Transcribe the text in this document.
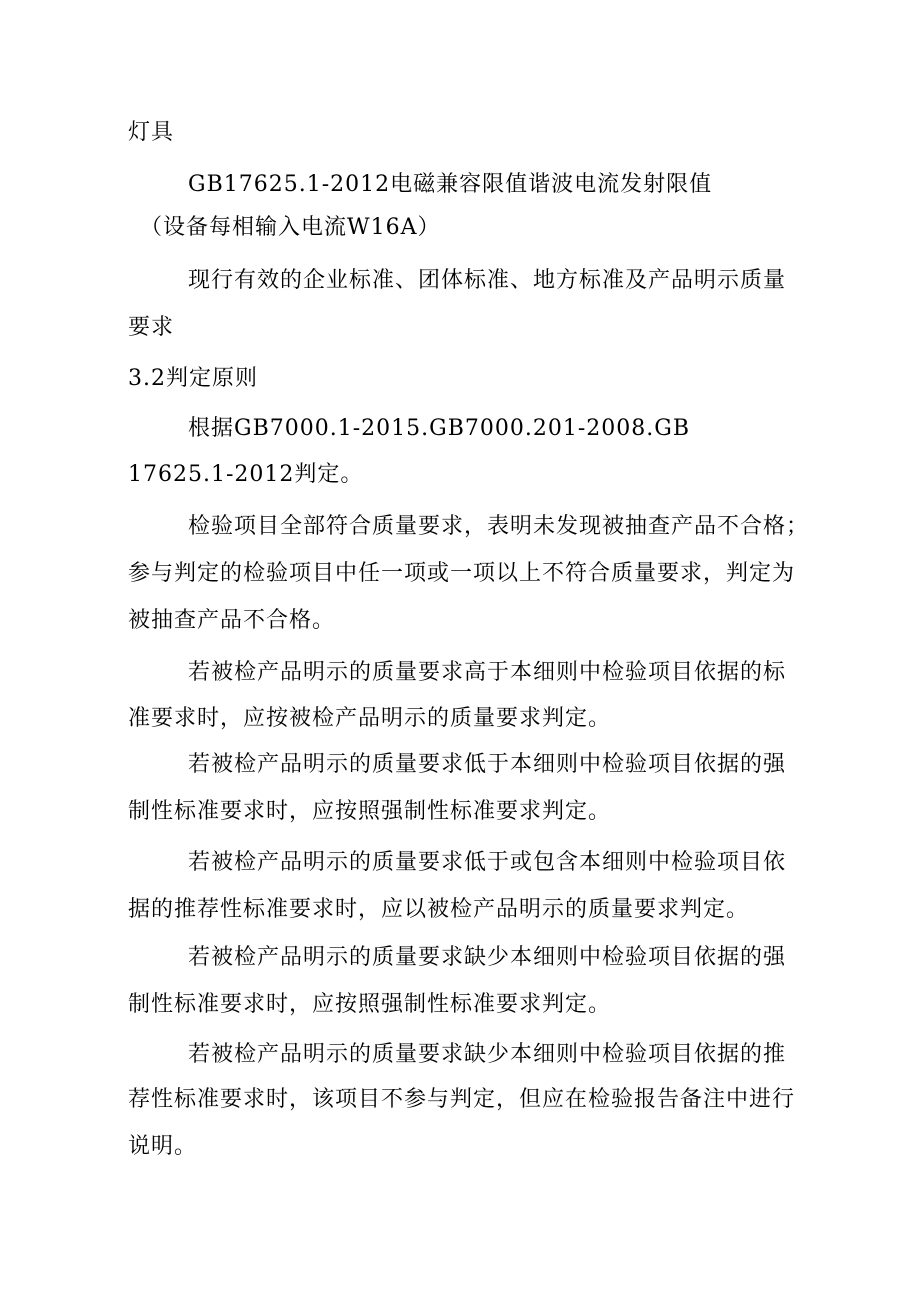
灯具
GB17625.1-2012电磁兼容限值谐波电流发射限值
（设备每相输入电流W16A）
现行有效的企业标准、团体标准、地方标准及产品明示质量
要求
3.2判定原则
根据GB7000.1-2015.GB7000.201-2008.GB
17625.1-2012判定。
检验项目全部符合质量要求，表明未发现被抽查产品不合格；
参与判定的检验项目中任一项或一项以上不符合质量要求，判定为
被抽查产品不合格。
若被检产品明示的质量要求高于本细则中检验项目依据的标
准要求时，应按被检产品明示的质量要求判定。
若被检产品明示的质量要求低于本细则中检验项目依据的强
制性标准要求时，应按照强制性标准要求判定。
若被检产品明示的质量要求低于或包含本细则中检验项目依
据的推荐性标准要求时，应以被检产品明示的质量要求判定。
若被检产品明示的质量要求缺少本细则中检验项目依据的强
制性标准要求时，应按照强制性标准要求判定。
若被检产品明示的质量要求缺少本细则中检验项目依据的推
荐性标准要求时，该项目不参与判定，但应在检验报告备注中进行
说明。
